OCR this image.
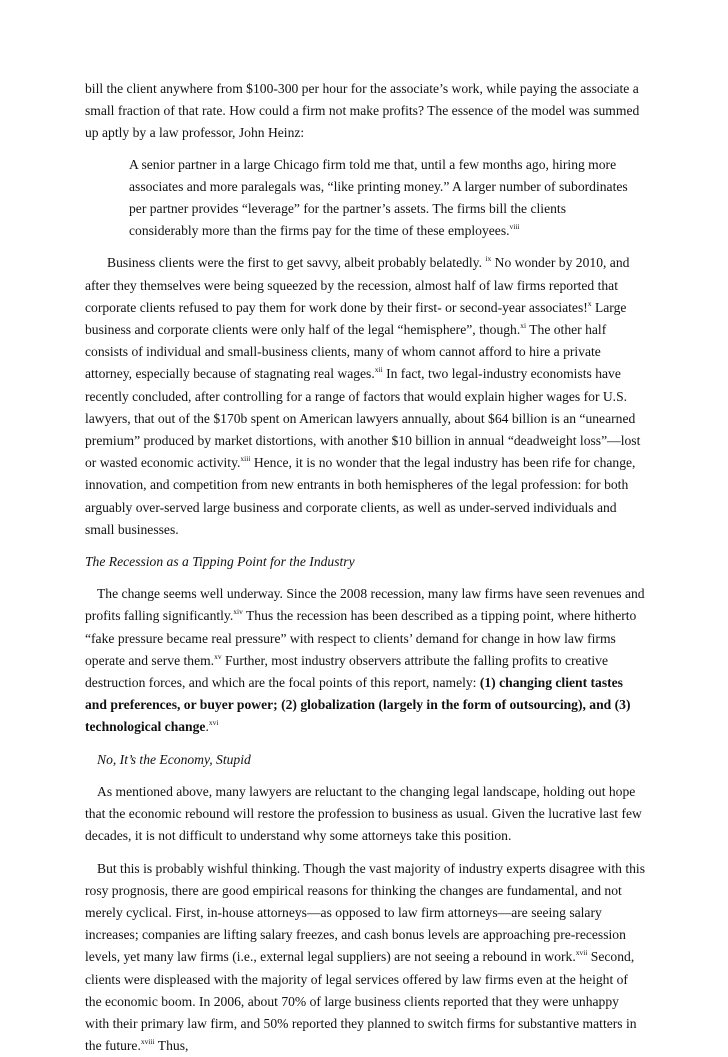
bill the client anywhere from $100-300 per hour for the associate’s work, while paying the associate a small fraction of that rate. How could a firm not make profits? The essence of the model was summed up aptly by a law professor, John Heinz:

A senior partner in a large Chicago firm told me that, until a few months ago, hiring more associates and more paralegals was, “like printing money.” A larger number of subordinates per partner provides “leverage” for the partner’s assets. The firms bill the clients considerably more than the firms pay for the time of these employees.$^{viii}$

Business clients were the first to get savvy, albeit probably belatedly. $^{ix}$ No wonder by 2010, and after they themselves were being squeezed by the recession, almost half of law firms reported that corporate clients refused to pay them for work done by their first- or second-year associates!$^x$ Large business and corporate clients were only half of the legal “hemisphere”, though.$^{xi}$ The other half consists of individual and small-business clients, many of whom cannot afford to hire a private attorney, especially because of stagnating real wages.$^{xii}$ In fact, two legal-industry economists have recently concluded, after controlling for a range of factors that would explain higher wages for U.S. lawyers, that out of the $170b spent on American lawyers annually, about $64 billion is an “unearned premium” produced by market distortions, with another $10 billion in annual “deadweight loss”—lost or wasted economic activity.$^{xiii}$ Hence, it is no wonder that the legal industry has been rife for change, innovation, and competition from new entrants in both hemispheres of the legal profession: for both arguably over-served large business and corporate clients, as well as under-served individuals and small businesses.

The Recession as a Tipping Point for the Industry

The change seems well underway. Since the 2008 recession, many law firms have seen revenues and profits falling significantly.$^{xiv}$ Thus the recession has been described as a tipping point, where hitherto “fake pressure became real pressure” with respect to clients’ demand for change in how law firms operate and serve them.$^{xv}$ Further, most industry observers attribute the falling profits to creative destruction forces, and which are the focal points of this report, namely: (1) changing client tastes and preferences, or buyer power; (2) globalization (largely in the form of outsourcing), and (3) technological change.$^{xvi}$

No, It’s the Economy, Stupid

As mentioned above, many lawyers are reluctant to the changing legal landscape, holding out hope that the economic rebound will restore the profession to business as usual. Given the lucrative last few decades, it is not difficult to understand why some attorneys take this position.

But this is probably wishful thinking. Though the vast majority of industry experts disagree with this rosy prognosis, there are good empirical reasons for thinking the changes are fundamental, and not merely cyclical. First, in-house attorneys—as opposed to law firm attorneys—are seeing salary increases; companies are lifting salary freezes, and cash bonus levels are approaching pre-recession levels, yet many law firms (i.e., external legal suppliers) are not seeing a rebound in work.$^{xvii}$ Second, clients were displeased with the majority of legal services offered by law firms even at the height of the economic boom. In 2006, about 70% of large business clients reported that they were unhappy with their primary law firm, and 50% reported they planned to switch firms for substantive matters in the future.$^{xviii}$ Thus,
